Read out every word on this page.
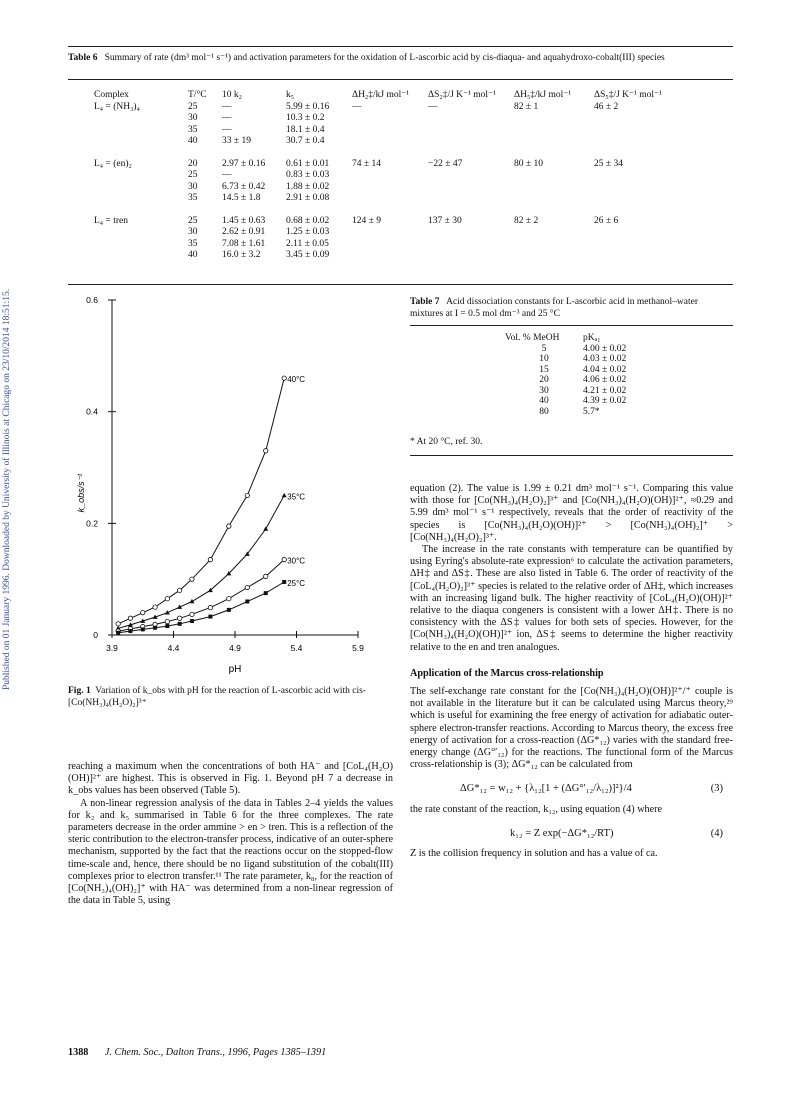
Published on 01 January 1996. Downloaded by University of Illinois at Chicago on 23/10/2014 18:51:15.
Table 6 Summary of rate (dm³ mol⁻¹ s⁻¹) and activation parameters for the oxidation of L-ascorbic acid by cis-diaqua- and aquahydroxo-cobalt(III) species
Complex	T/°C	10 k₂	k₅	ΔH₂‡/kJ mol⁻¹	ΔS₂‡/J K⁻¹ mol⁻¹	ΔH₅‡/kJ mol⁻¹	ΔS₅‡/J K⁻¹ mol⁻¹
L₄ = (NH₃)₄	25	—	5.99 ± 0.16	—	—	82 ± 1	46 ± 2
	30	—	10.3 ± 0.2				
	35	—	18.1 ± 0.4				
	40	33 ± 19	30.7 ± 0.4				

L₄ = (en)₂	20	2.97 ± 0.16	0.61 ± 0.01	74 ± 14	−22 ± 47	80 ± 10	25 ± 34
	25	—	0.83 ± 0.03				
	30	6.73 ± 0.42	1.88 ± 0.02				
	35	14.5 ± 1.8	2.91 ± 0.08				

L₄ = tren	25	1.45 ± 0.63	0.68 ± 0.02	124 ± 9	137 ± 30	82 ± 2	26 ± 6
	30	2.62 ± 0.91	1.25 ± 0.03				
	35	7.08 ± 1.61	2.11 ± 0.05				
	40	16.0 ± 3.2	3.45 ± 0.09				
0
0.2
0.4
0.6
3.9	4.4	4.9	5.4	5.9
pH
k_obs/s⁻¹
40°C
35°C
30°C
25°C
Fig. 1 Variation of k_obs with pH for the reaction of L-ascorbic acid with cis-[Co(NH₃)₄(H₂O)₂]³⁺
Table 7 Acid dissociation constants for L-ascorbic acid in methanol–water mixtures at I = 0.5 mol dm⁻³ and 25 °C
Vol. % MeOH	pKₐ₁
5	4.00 ± 0.02
10	4.03 ± 0.02
15	4.04 ± 0.02
20	4.06 ± 0.02
30	4.21 ± 0.02
40	4.39 ± 0.02
80	5.7*
* At 20 °C, ref. 30.

reaching a maximum when the concentrations of both HA⁻ and [CoL₄(H₂O)(OH)]²⁺ are highest. This is observed in Fig. 1. Beyond pH 7 a decrease in k_obs values has been observed (Table 5).

A non-linear regression analysis of the data in Tables 2–4 yields the values for k₂ and k₅ summarised in Table 6 for the three complexes. The rate parameters decrease in the order ammine > en > tren. This is a reflection of the steric contribution to the electron-transfer process, indicative of an outer-sphere mechanism, supported by the fact that the reactions occur on the stopped-flow time-scale and, hence, there should be no ligand substitution of the cobalt(III) complexes prior to electron transfer.¹¹ The rate parameter, k₈, for the reaction of [Co(NH₃)₄(OH)₂]⁺ with HA⁻ was determined from a non-linear regression of the data in Table 5, using

equation (2). The value is 1.99 ± 0.21 dm³ mol⁻¹ s⁻¹. Comparing this value with those for [Co(NH₃)₄(H₂O)₂]³⁺ and [Co(NH₃)₄(H₂O)(OH)]²⁺, ≈0.29 and 5.99 dm³ mol⁻¹ s⁻¹ respectively, reveals that the order of reactivity of the species is [Co(NH₃)₄(H₂O)(OH)]²⁺ > [Co(NH₃)₄(OH)₂]⁺ > [Co(NH₃)₄(H₂O)₂]³⁺.

The increase in the rate constants with temperature can be quantified by using Eyring's absolute-rate expression⁶ to calculate the activation parameters, ΔH‡ and ΔS‡. These are also listed in Table 6. The order of reactivity of the [CoL₄(H₂O)₂]³⁺ species is related to the relative order of ΔH‡, which increases with an increasing ligand bulk. The higher reactivity of [CoL₄(H₂O)(OH)]²⁺ relative to the diaqua congeners is consistent with a lower ΔH‡. There is no consistency with the ΔS‡ values for both sets of species. However, for the [Co(NH₃)₄(H₂O)(OH)]²⁺ ion, ΔS‡ seems to determine the higher reactivity relative to the en and tren analogues.

Application of the Marcus cross-relationship

The self-exchange rate constant for the [Co(NH₃)₄(H₂O)(OH)]²⁺/⁺ couple is not available in the literature but it can be calculated using Marcus theory,²⁹ which is useful for examining the free energy of activation for adiabatic outer-sphere electron-transfer reactions. According to Marcus theory, the excess free energy of activation for a cross-reaction (ΔG*₁₂) varies with the standard free-energy change (ΔG°′₁₂) for the reactions. The functional form of the Marcus cross-relationship is (3); ΔG*₁₂ can be calculated from

ΔG*₁₂ = w₁₂ + {λ₁₂[1 + (ΔG°′₁₂/λ₁₂)]²}/4	(3)

the rate constant of the reaction, k₁₂, using equation (4) where

k₁₂ = Z exp(−ΔG*₁₂/RT)	(4)

Z is the collision frequency in solution and has a value of ca.

1388 J. Chem. Soc., Dalton Trans., 1996, Pages 1385–1391
